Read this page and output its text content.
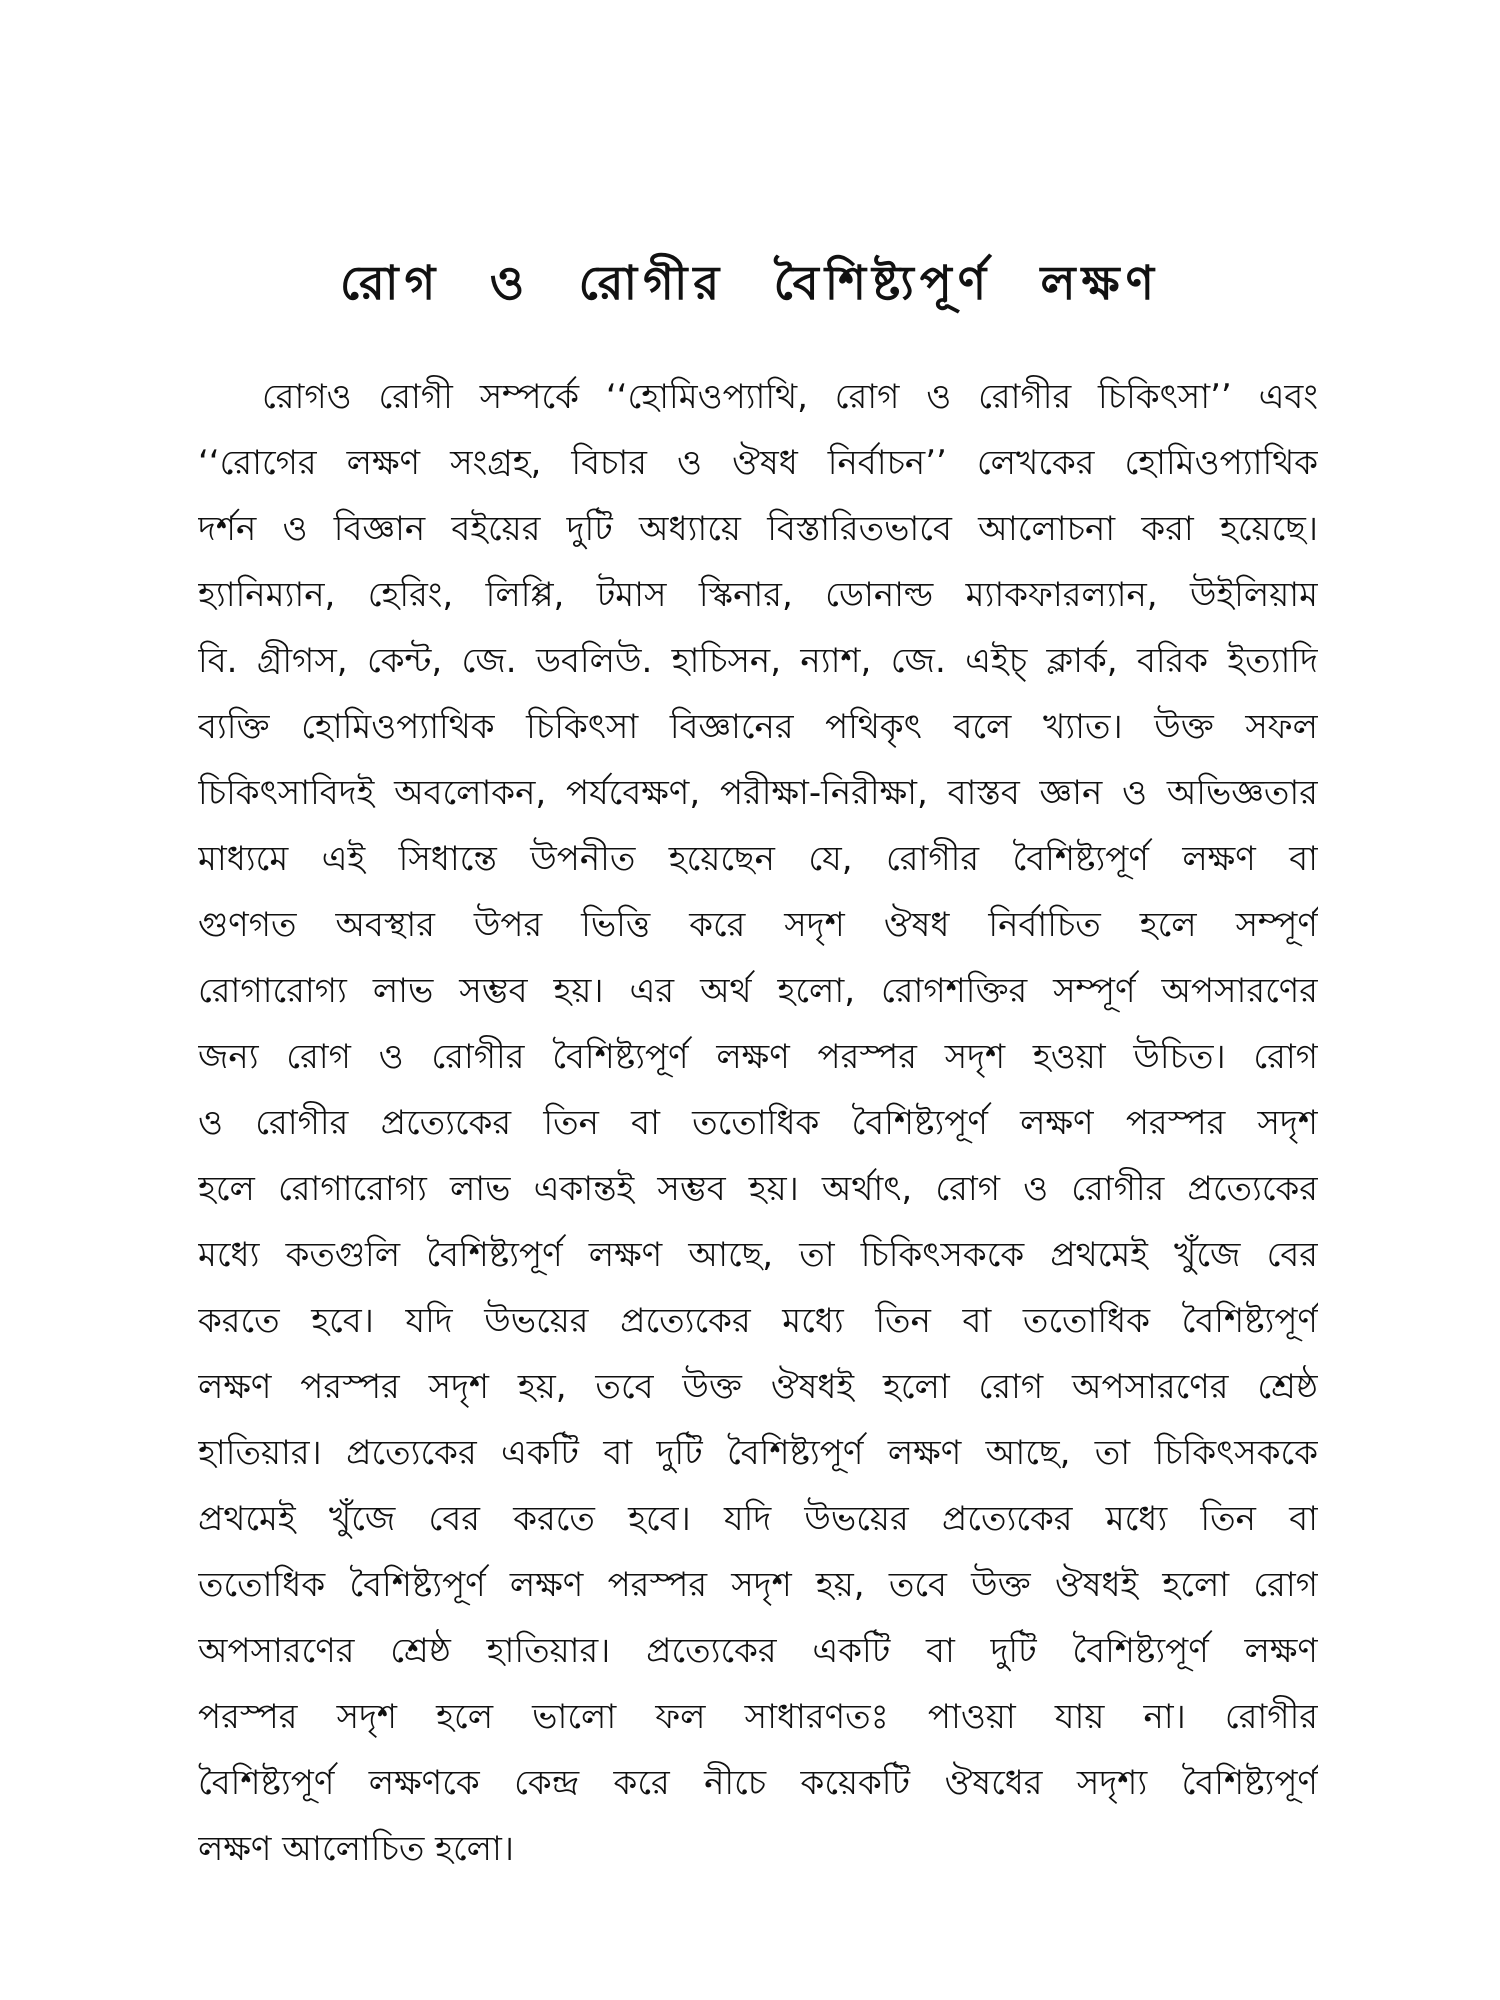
রোগ ও রোগীর বৈশিষ্ট্যপূর্ণ লক্ষণ
রোগও রোগী সম্পর্কে ‘‘হোমিওপ্যাথি, রোগ ও রোগীর চিকিৎসা’’ এবং
‘‘রোগের লক্ষণ সংগ্রহ, বিচার ও ঔষধ নির্বাচন’’ লেখকের হোমিওপ্যাথিক
দর্শন ও বিজ্ঞান বইয়ের দুটি অধ্যায়ে বিস্তারিতভাবে আলোচনা করা হয়েছে।
হ্যানিম্যান, হেরিং, লিপ্পি, টমাস স্কিনার, ডোনাল্ড ম্যাকফারল্যান, উইলিয়াম
বি. গ্রীগস, কেন্ট, জে. ডবলিউ. হাচিসন, ন্যাশ, জে. এইচ্ ক্লার্ক, বরিক ইত্যাদি
ব্যক্তি হোমিওপ্যাথিক চিকিৎসা বিজ্ঞানের পথিকৃৎ বলে খ্যাত। উক্ত সফল
চিকিৎসাবিদই অবলোকন, পর্যবেক্ষণ, পরীক্ষা-নিরীক্ষা, বাস্তব জ্ঞান ও অভিজ্ঞতার
মাধ্যমে এই সিধান্তে উপনীত হয়েছেন যে, রোগীর বৈশিষ্ট্যপূর্ণ লক্ষণ বা
গুণগত অবস্থার উপর ভিত্তি করে সদৃশ ঔষধ নির্বাচিত হলে সম্পূর্ণ
রোগারোগ্য লাভ সম্ভব হয়। এর অর্থ হলো, রোগশক্তির সম্পূর্ণ অপসারণের
জন্য রোগ ও রোগীর বৈশিষ্ট্যপূর্ণ লক্ষণ পরস্পর সদৃশ হওয়া উচিত। রোগ
ও রোগীর প্রত্যেকের তিন বা ততোধিক বৈশিষ্ট্যপূর্ণ লক্ষণ পরস্পর সদৃশ
হলে রোগারোগ্য লাভ একান্তই সম্ভব হয়। অর্থাৎ, রোগ ও রোগীর প্রত্যেকের
মধ্যে কতগুলি বৈশিষ্ট্যপূর্ণ লক্ষণ আছে, তা চিকিৎসককে প্রথমেই খুঁজে বের
করতে হবে। যদি উভয়ের প্রত্যেকের মধ্যে তিন বা ততোধিক বৈশিষ্ট্যপূর্ণ
লক্ষণ পরস্পর সদৃশ হয়, তবে উক্ত ঔষধই হলো রোগ অপসারণের শ্রেষ্ঠ
হাতিয়ার। প্রত্যেকের একটি বা দুটি বৈশিষ্ট্যপূর্ণ লক্ষণ আছে, তা চিকিৎসককে
প্রথমেই খুঁজে বের করতে হবে। যদি উভয়ের প্রত্যেকের মধ্যে তিন বা
ততোধিক বৈশিষ্ট্যপূর্ণ লক্ষণ পরস্পর সদৃশ হয়, তবে উক্ত ঔষধই হলো রোগ
অপসারণের শ্রেষ্ঠ হাতিয়ার। প্রত্যেকের একটি বা দুটি বৈশিষ্ট্যপূর্ণ লক্ষণ
পরস্পর সদৃশ হলে ভালো ফল সাধারণতঃ পাওয়া যায় না। রোগীর
বৈশিষ্ট্যপূর্ণ লক্ষণকে কেন্দ্র করে নীচে কয়েকটি ঔষধের সদৃশ্য বৈশিষ্ট্যপূর্ণ
লক্ষণ আলোচিত হলো।
